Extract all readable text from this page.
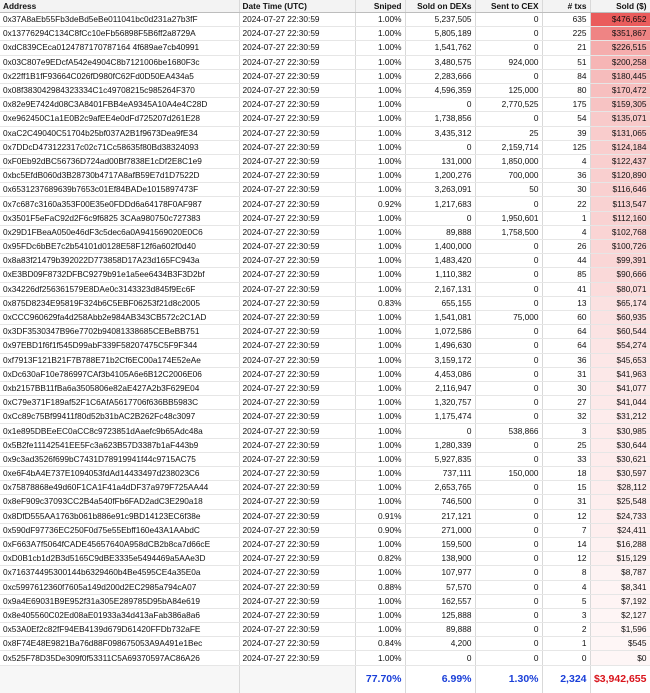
Address	Date Time (UTC)	Sniped	Sold on DEXs	Sent to CEX	# txs	Sold ($)
0x37A8aEb55Fb3deBd5eBe011041bc0d231a27b3fF	2024-07-27 22:30:59	1.00%	5,237,505	0	635	$476,652
0x13776294C134C8fCc10eFb56898F5B6ff2a8729A	2024-07-27 22:30:59	1.00%	5,805,189	0	225	$351,867
0xdC839CEca0124787170787164 4f689ae7cb40991	2024-07-27 22:30:59	1.00%	1,541,762	0	21	$226,515
0x03C807e9EDcfA542e4904C8b7121006be1680F3c	2024-07-27 22:30:59	1.00%	3,480,575	924,000	51	$200,258
0x22ff1B1fF93664C026fD980fC62Fd0D50EA434a5	2024-07-27 22:30:59	1.00%	2,283,666	0	84	$180,445
0x08f383042984323334C1c49708215c985264F370	2024-07-27 22:30:59	1.00%	4,596,359	125,000	80	$170,472
0x82e9E7424d08C3A8401FBB4eA9345A10A4e4C28D	2024-07-27 22:30:59	1.00%	0	2,770,525	175	$159,305
0xe962450C1a1E0B2c9afEE4e0dFd725207d261E28	2024-07-27 22:30:59	1.00%	1,738,856	0	54	$135,071
0xaC2C49040C51704b25bf037A2B1f9673Dea9fE34	2024-07-27 22:30:59	1.00%	3,435,312	25	39	$131,065
0x7DDcD473122317c02c71Cc58635f80Bd38324093	2024-07-27 22:30:59	1.00%	0	2,159,714	125	$124,184
0xF0Eb92dBC56736D724ad00Bf7838E1cDf2E8C1e9	2024-07-27 22:30:59	1.00%	131,000	1,850,000	4	$122,437
0xbc5EfdB060d3B28730b4717A8afB59E7d1D7522D	2024-07-27 22:30:59	1.00%	1,200,276	700,000	36	$120,890
0x6531237689639b7653c01Ef84BADe1015897473F	2024-07-27 22:30:59	1.00%	3,263,091	50	30	$116,646
0x7c687c3160a353F00E35e0FDDd6a64178F0AF987	2024-07-27 22:30:59	0.92%	1,217,683	0	22	$113,547
0x3501F5eFaC92d2F6c9f6825 3CAa980750c727383	2024-07-27 22:30:59	1.00%	0	1,950,601	1	$112,160
0x29D1FBeaA050e46dF3c5dec6a0A941569020E0C6	2024-07-27 22:30:59	1.00%	89,888	1,758,500	4	$102,768
0x95FDc6bBE7c2b54101d0128E58F12f6a602f0d40	2024-07-27 22:30:59	1.00%	1,400,000	0	26	$100,726
0x8a83f21479b392022D773858D17A23d165FC943a	2024-07-27 22:30:59	1.00%	1,483,420	0	44	$99,391
0xE3BD09F8732DFBC9279b91e1a5ee6434B3F3D2bf	2024-07-27 22:30:59	1.00%	1,110,382	0	85	$90,666
0x34226df256361579E8DAe0c3143323d845f9Ec6F	2024-07-27 22:30:59	1.00%	2,167,131	0	41	$80,071
0x875D8234E95819F324b6C5EBF06253f21d8c2005	2024-07-27 22:30:59	0.83%	655,155	0	13	$65,174
0xCCC960629fa4d258Abb2e984AB343CB572c2C1AD	2024-07-27 22:30:59	1.00%	1,541,081	75,000	60	$60,935
0x3DF3530347B96e7702b94081338685CEBeBB751	2024-07-27 22:30:59	1.00%	1,072,586	0	64	$60,544
0x97EBD1f6f1f545D99abF339F58207475C5F9F344	2024-07-27 22:30:59	1.00%	1,496,630	0	64	$54,274
0xf7913F121B21F7B788E71b2Cf6EC00a174E52eAe	2024-07-27 22:30:59	1.00%	3,159,172	0	36	$45,653
0xDc630aF10e786997CAf3b4105A6e6B12C2006E06	2024-07-27 22:30:59	1.00%	4,453,086	0	31	$41,963
0xb2157BB11fBa6a3505806e82aE427A2b3F629E04	2024-07-27 22:30:59	1.00%	2,116,947	0	30	$41,077
0xC79e371F189af52F1C6AfA5617706f636BB5983C	2024-07-27 22:30:59	1.00%	1,320,757	0	27	$41,044
0xCc89c75Bf99411f80d52b31bAC2B262Fc48c3097	2024-07-27 22:30:59	1.00%	1,175,474	0	32	$31,212
0x1e895DBEeEC0aCC8c9723851dAaefc9b65Adc48a	2024-07-27 22:30:59	1.00%	0	538,866	3	$30,985
0x5B2fe11142541EE5Fc3a623B57D3387b1aF443b9	2024-07-27 22:30:59	1.00%	1,280,339	0	25	$30,644
0x9c3ad3526f699bC7431D78919941f44c9715AC75	2024-07-27 22:30:59	1.00%	5,927,835	0	33	$30,621
0xe6F4bA4E737E1094053fdAd14433497d238023C6	2024-07-27 22:30:59	1.00%	737,111	150,000	18	$30,597
0x75878868e49d60F1CA1F41a4dDF37a979F725AA44	2024-07-27 22:30:59	1.00%	2,653,765	0	15	$28,112
0x8eF909c37093CC2B4a540fFb6FAD2adC3E290a18	2024-07-27 22:30:59	1.00%	746,500	0	31	$25,548
0x8DfD555AA1763b061b886e91c9BD14123EC6f38e	2024-07-27 22:30:59	0.91%	217,121	0	12	$24,733
0x590dF97736EC250F0d75e55Ebff160e43A1AAbdC	2024-07-27 22:30:59	0.90%	271,000	0	7	$24,411
0xF663A7f5064fCADE45657640A958dCB2b8ca7d66cE	2024-07-27 22:30:59	1.00%	159,500	0	14	$16,288
0xD0B1cb1d2B3d5165C9dBE3335e5494469a5AAe3D	2024-07-27 22:30:59	0.82%	138,900	0	12	$15,129
0x716374495300144b6329460b4Be4595CE4a35E0a	2024-07-27 22:30:59	1.00%	107,977	0	8	$8,787
0xc5997612360f7605a149d200d2EC2985a794cA07	2024-07-27 22:30:59	0.88%	57,570	0	4	$8,341
0x9a4E69031B9E952f31a305E289785D95bA84e619	2024-07-27 22:30:59	1.00%	162,557	0	5	$7,192
0x8e405560C02Ed08aE01933a34d413aFab386a8a6	2024-07-27 22:30:59	1.00%	125,888	0	3	$2,127
0x53A0Ef2c82fF94EB4139d679D61420FFDb732aFE	2024-07-27 22:30:59	1.00%	89,888	0	2	$1,596
0x8F74E48E9821Ba76d88F098675053A9A491e1Bec	2024-07-27 22:30:59	0.84%	4,200	0	1	$545
0x525F78D35De309f0f53311C5A69370597AC86A26	2024-07-27 22:30:59	1.00%	0	0	0	$0
		77.70%	6.99%	1.30%	2,324	$3,942,655
